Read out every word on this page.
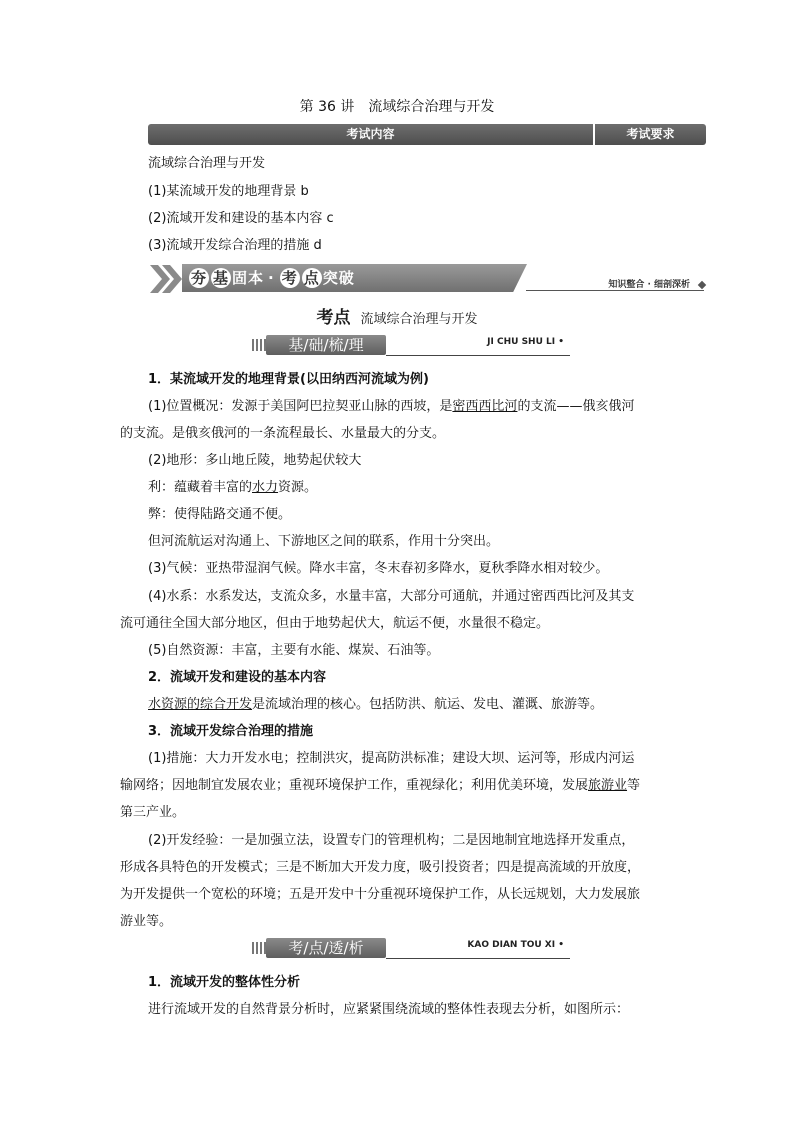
第 36 讲 流域综合治理与开发
考试内容	考试要求
流域综合治理与开发
(1)某流域开发的地理背景 b
(2)流域开发和建设的基本内容 c
(3)流域开发综合治理的措施 d
夯 基 固本 · 考 点 突破	知识整合 · 细剖深析
考点 流域综合治理与开发
基/础/梳/理	JI CHU SHU LI •
1．某流域开发的地理背景(以田纳西河流域为例)
(1)位置概况：发源于美国阿巴拉契亚山脉的西坡，是密西西比河的支流——俄亥俄河
的支流。是俄亥俄河的一条流程最长、水量最大的分支。
(2)地形：多山地丘陵，地势起伏较大
利：蕴藏着丰富的水力资源。
弊：使得陆路交通不便。
但河流航运对沟通上、下游地区之间的联系，作用十分突出。
(3)气候：亚热带湿润气候。降水丰富，冬末春初多降水，夏秋季降水相对较少。
(4)水系：水系发达，支流众多，水量丰富，大部分可通航，并通过密西西比河及其支
流可通往全国大部分地区，但由于地势起伏大，航运不便，水量很不稳定。
(5)自然资源：丰富，主要有水能、煤炭、石油等。
2．流域开发和建设的基本内容
水资源的综合开发是流域治理的核心。包括防洪、航运、发电、灌溉、旅游等。
3．流域开发综合治理的措施
(1)措施：大力开发水电；控制洪灾，提高防洪标准；建设大坝、运河等，形成内河运
输网络；因地制宜发展农业；重视环境保护工作，重视绿化；利用优美环境，发展旅游业等
第三产业。
(2)开发经验：一是加强立法，设置专门的管理机构；二是因地制宜地选择开发重点，
形成各具特色的开发模式；三是不断加大开发力度，吸引投资者；四是提高流域的开放度，
为开发提供一个宽松的环境；五是开发中十分重视环境保护工作，从长远规划，大力发展旅
游业等。
考/点/透/析	KAO DIAN TOU XI •
1．流域开发的整体性分析
进行流域开发的自然背景分析时，应紧紧围绕流域的整体性表现去分析，如图所示：
